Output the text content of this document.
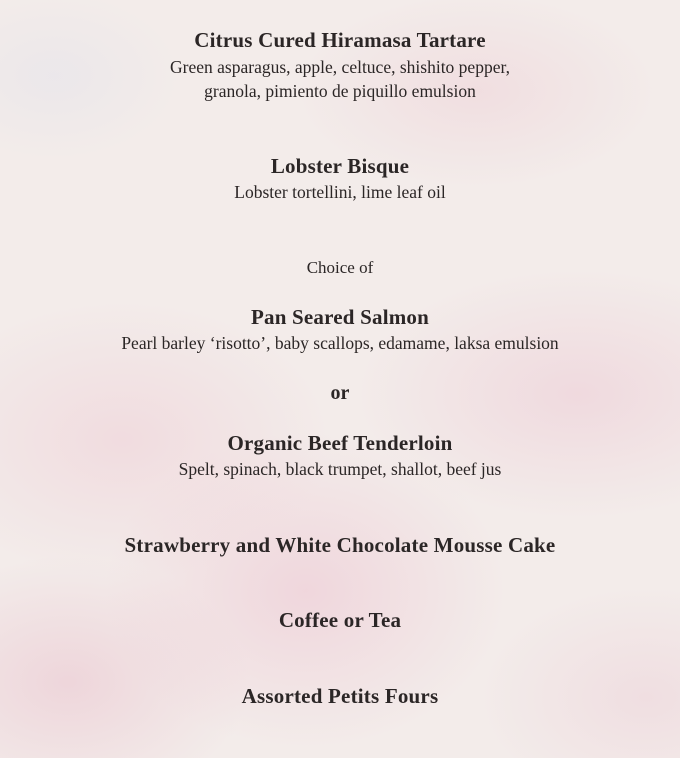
Citrus Cured Hiramasa Tartare
Green asparagus, apple, celtuce, shishito pepper,
granola, pimiento de piquillo emulsion
Lobster Bisque
Lobster tortellini, lime leaf oil
Choice of
Pan Seared Salmon
Pearl barley ‘risotto’, baby scallops, edamame, laksa emulsion
or
Organic Beef Tenderloin
Spelt, spinach, black trumpet, shallot, beef jus
Strawberry and White Chocolate Mousse Cake
Coffee or Tea
Assorted Petits Fours
